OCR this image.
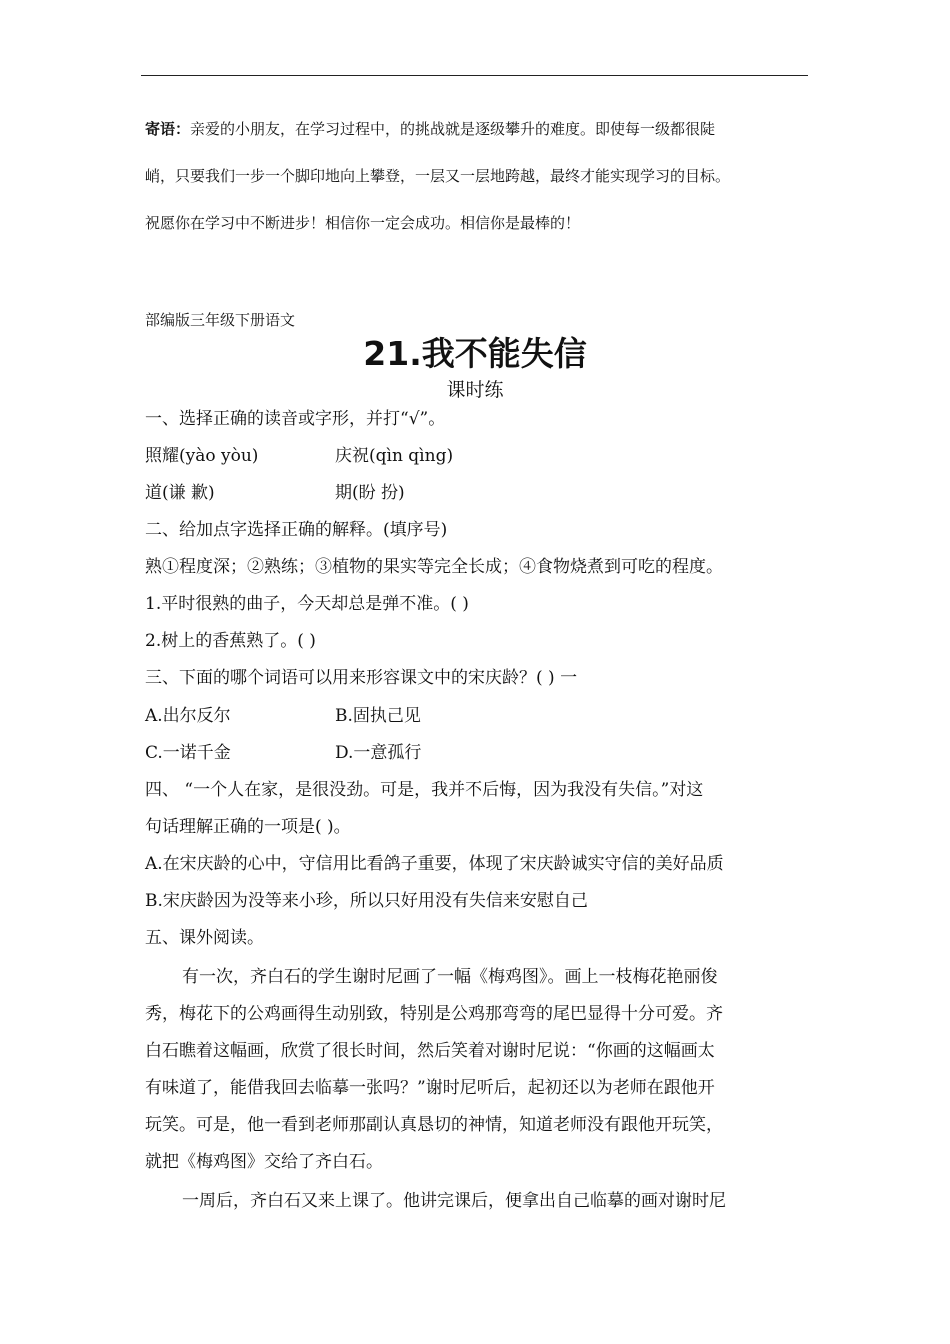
寄语：亲爱的小朋友，在学习过程中，的挑战就是逐级攀升的难度。即使每一级都很陡
峭，只要我们一步一个脚印地向上攀登，一层又一层地跨越，最终才能实现学习的目标。
祝愿你在学习中不断进步！相信你一定会成功。相信你是最棒的！
部编版三年级下册语文
21.我不能失信
课时练
一、选择正确的读音或字形，并打“√”。
照耀(yào yòu)	庆祝(qìn qìng)
道(谦 歉)	期(盼 扮)
二、给加点字选择正确的解释。(填序号)
熟①程度深；②熟练；③植物的果实等完全长成；④食物烧煮到可吃的程度。
1.平时很熟的曲子，今天却总是弹不准。( )
2.树上的香蕉熟了。( )
三、下面的哪个词语可以用来形容课文中的宋庆龄？( ) 一
A.出尔反尔	B.固执己见
C.一诺千金	D.一意孤行
四、 “一个人在家，是很没劲。可是，我并不后悔，因为我没有失信。”对这
句话理解正确的一项是( )。
A.在宋庆龄的心中，守信用比看鸽子重要，体现了宋庆龄诚实守信的美好品质
B.宋庆龄因为没等来小珍，所以只好用没有失信来安慰自己
五、课外阅读。
有一次，齐白石的学生谢时尼画了一幅《梅鸡图》。画上一枝梅花艳丽俊
秀，梅花下的公鸡画得生动别致，特别是公鸡那弯弯的尾巴显得十分可爱。齐
白石瞧着这幅画，欣赏了很长时间，然后笑着对谢时尼说：“你画的这幅画太
有味道了，能借我回去临摹一张吗？”谢时尼听后，起初还以为老师在跟他开
玩笑。可是，他一看到老师那副认真恳切的神情，知道老师没有跟他开玩笑，
就把《梅鸡图》交给了齐白石。
一周后，齐白石又来上课了。他讲完课后，便拿出自己临摹的画对谢时尼
